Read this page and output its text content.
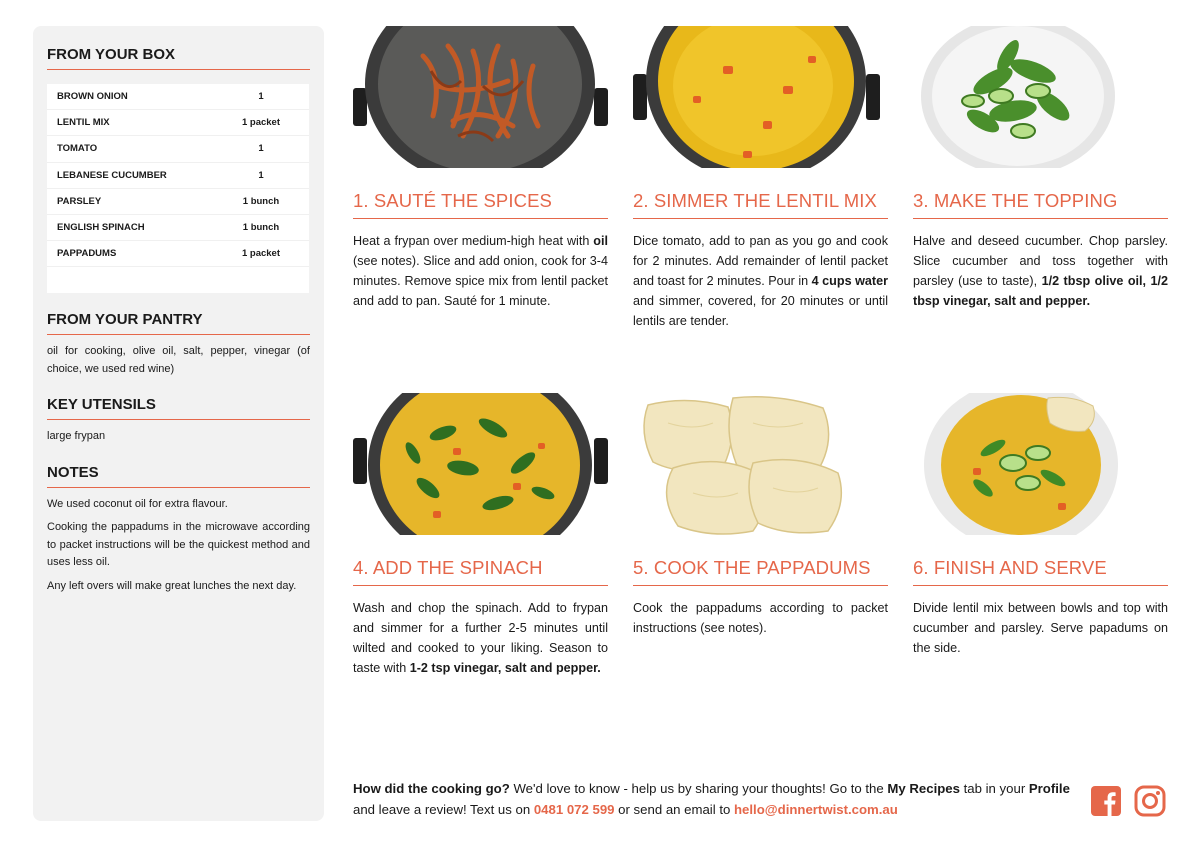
FROM YOUR BOX
BROWN ONION	1
LENTIL MIX	1 packet
TOMATO	1
LEBANESE CUCUMBER	1
PARSLEY	1 bunch
ENGLISH SPINACH	1 bunch
PAPPADUMS	1 packet
FROM YOUR PANTRY
oil for cooking, olive oil, salt, pepper, vinegar (of choice, we used red wine)
KEY UTENSILS
large frypan
NOTES
We used coconut oil for extra flavour.
Cooking the pappadums in the microwave according to packet instructions will be the quickest method and uses less oil.
Any left overs will make great lunches the next day.
1. SAUTÉ THE SPICES
Heat a frypan over medium-high heat with oil (see notes). Slice and add onion, cook for 3-4 minutes. Remove spice mix from lentil packet and add to pan. Sauté for 1 minute.
2. SIMMER THE LENTIL MIX
Dice tomato, add to pan as you go and cook for 2 minutes. Add remainder of lentil packet and toast for 2 minutes. Pour in 4 cups water and simmer, covered, for 20 minutes or until lentils are tender.
3. MAKE THE TOPPING
Halve and deseed cucumber. Chop parsley. Slice cucumber and toss together with parsley (use to taste), 1/2 tbsp olive oil, 1/2 tbsp vinegar, salt and pepper.
4. ADD THE SPINACH
Wash and chop the spinach. Add to frypan and simmer for a further 2-5 minutes until wilted and cooked to your liking. Season to taste with 1-2 tsp vinegar, salt and pepper.
5. COOK THE PAPPADUMS
Cook the pappadums according to packet instructions (see notes).
6. FINISH AND SERVE
Divide lentil mix between bowls and top with cucumber and parsley. Serve papadums on the side.
How did the cooking go? We'd love to know - help us by sharing your thoughts! Go to the My Recipes tab in your Profile and leave a review! Text us on 0481 072 599 or send an email to hello@dinnertwist.com.au
